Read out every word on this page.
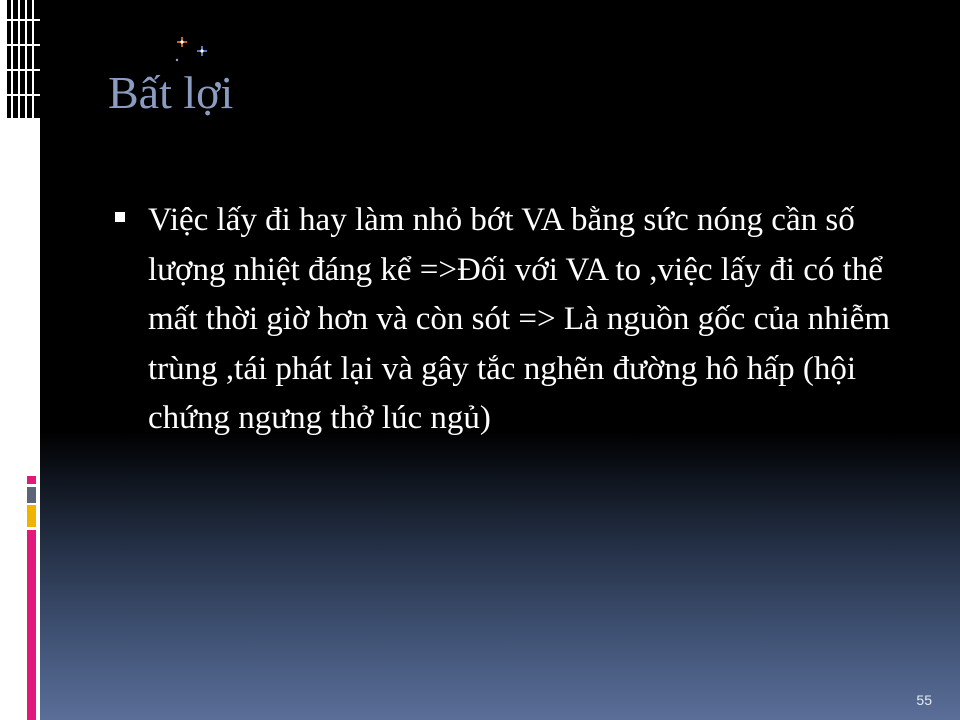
Bất lợi

Việc lấy đi hay làm nhỏ bớt VA bằng sức nóng cần số lượng nhiệt đáng kể =>Đối với VA to ,việc lấy đi có thể mất thời giờ hơn và còn sót => Là nguồn gốc của nhiễm trùng ,tái phát lại và gây tắc nghẽn đường hô hấp (hội chứng ngưng thở lúc ngủ)

55
